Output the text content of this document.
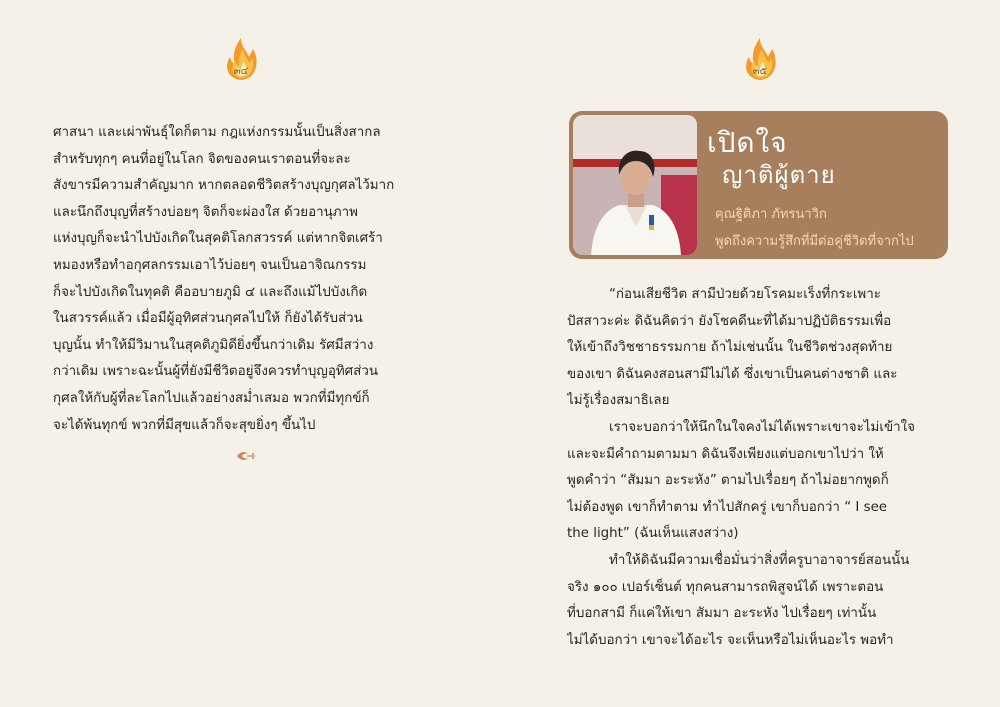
๓๔
ศาสนา และเผ่าพันธุ์ใดก็ตาม กฎแห่งกรรมนั้นเป็นสิ่งสากล
สำหรับทุกๆ คนที่อยู่ในโลก จิตของคนเราตอนที่จะละ
สังขารมีความสำคัญมาก หากตลอดชีวิตสร้างบุญกุศลไว้มาก
และนึกถึงบุญที่สร้างบ่อยๆ จิตก็จะผ่องใส ด้วยอานุภาพ
แห่งบุญก็จะนำไปบังเกิดในสุคติโลกสวรรค์ แต่หากจิตเศร้า
หมองหรือทำอกุศลกรรมเอาไว้บ่อยๆ จนเป็นอาจิณกรรม
ก็จะไปบังเกิดในทุคติ คืออบายภูมิ ๔ และถึงแม้ไปบังเกิด
ในสวรรค์แล้ว เมื่อมีผู้อุทิศส่วนกุศลไปให้ ก็ยังได้รับส่วน
บุญนั้น ทำให้มีวิมานในสุคติภูมิดียิ่งขึ้นกว่าเดิม รัศมีสว่าง
กว่าเดิม เพราะฉะนั้นผู้ที่ยังมีชีวิตอยู่จึงควรทำบุญอุทิศส่วน
กุศลให้กับผู้ที่ละโลกไปแล้วอย่างสม่ำเสมอ พวกที่มีทุกข์ก็
จะได้พ้นทุกข์ พวกที่มีสุขแล้วก็จะสุขยิ่งๆ ขึ้นไป
๓๕
เปิดใจ
ญาติผู้ตาย
คุณฐิติภา ภัทรนาวิก
พูดถึงความรู้สึกที่มีต่อคู่ชีวิตที่จากไป
“ก่อนเสียชีวิต สามีป่วยด้วยโรคมะเร็งที่กระเพาะ
ปัสสาวะค่ะ ดิฉันคิดว่า ยังโชคดีนะที่ได้มาปฏิบัติธรรมเพื่อ
ให้เข้าถึงวิชชาธรรมกาย ถ้าไม่เช่นนั้น ในชีวิตช่วงสุดท้าย
ของเขา ดิฉันคงสอนสามีไม่ได้ ซึ่งเขาเป็นคนต่างชาติ และ
ไม่รู้เรื่องสมาธิเลย
เราจะบอกว่าให้นึกในใจคงไม่ได้เพราะเขาจะไม่เข้าใจ
และจะมีคำถามตามมา ดิฉันจึงเพียงแต่บอกเขาไปว่า ให้
พูดคำว่า “สัมมา อะระหัง” ตามไปเรื่อยๆ ถ้าไม่อยากพูดก็
ไม่ต้องพูด เขาก็ทำตาม ทำไปสักครู่ เขาก็บอกว่า “ I see
the light” (ฉันเห็นแสงสว่าง)
ทำให้ดิฉันมีความเชื่อมั่นว่าสิ่งที่ครูบาอาจารย์สอนนั้น
จริง ๑๐๐ เปอร์เซ็นต์ ทุกคนสามารถพิสูจน์ได้ เพราะตอน
ที่บอกสามี ก็แค่ให้เขา สัมมา อะระหัง ไปเรื่อยๆ เท่านั้น
ไม่ได้บอกว่า เขาจะได้อะไร จะเห็นหรือไม่เห็นอะไร พอทำ
